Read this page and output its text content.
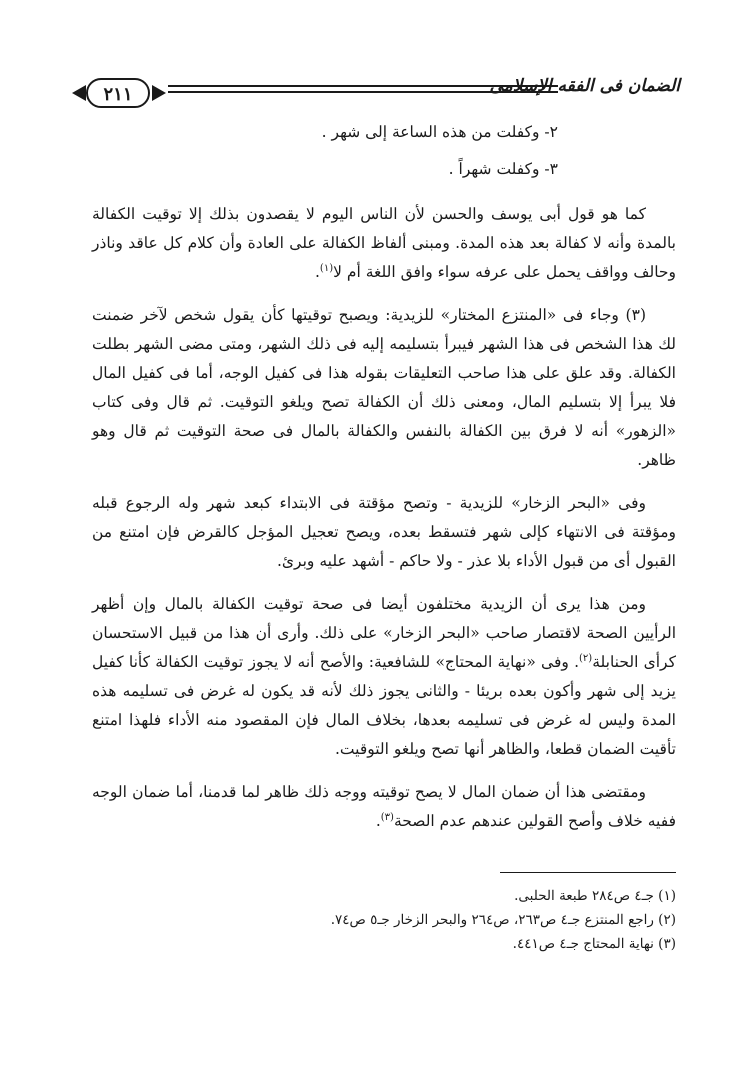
٢١١	الضمان فى الفقه الإسلامى

٢- وكفلت من هذه الساعة إلى شهر .

٣- وكفلت شهراً .

كما هو قول أبى يوسف والحسن لأن الناس اليوم لا يقصدون بذلك إلا توقيت الكفالة بالمدة وأنه لا كفالة بعد هذه المدة. ومبنى ألفاظ الكفالة على العادة وأن كلام كل عاقد وناذر وحالف وواقف يحمل على عرفه سواء وافق اللغة أم لا$^{(١)}$.

(٣) وجاء فى «المنتزع المختار» للزيدية: ويصبح توقيتها كأن يقول شخص لآخر ضمنت لك هذا الشخص فى هذا الشهر فيبرأ بتسليمه إليه فى ذلك الشهر، ومتى مضى الشهر بطلت الكفالة. وقد علق على هذا صاحب التعليقات بقوله هذا فى كفيل الوجه، أما فى كفيل المال فلا يبرأ إلا بتسليم المال، ومعنى ذلك أن الكفالة تصح ويلغو التوقيت. ثم قال وفى كتاب «الزهور» أنه لا فرق بين الكفالة بالنفس والكفالة بالمال فى صحة التوقيت ثم قال وهو ظاهر.

وفى «البحر الزخار» للزيدية - وتصح مؤقتة فى الابتداء كبعد شهر وله الرجوع قبله ومؤقتة فى الانتهاء كإلى شهر فتسقط بعده، ويصح تعجيل المؤجل كالقرض فإن امتنع من القبول أى من قبول الأداء بلا عذر - ولا حاكم - أشهد عليه وبرئ.

ومن هذا يرى أن الزيدية مختلفون أيضا فى صحة توقيت الكفالة بالمال وإن أظهر الرأيين الصحة لاقتصار صاحب «البحر الزخار» على ذلك. وأرى أن هذا من قبيل الاستحسان كرأى الحنابلة$^{(٢)}$. وفى «نهاية المحتاج» للشافعية: والأصح أنه لا يجوز توقيت الكفالة كأنا كفيل يزيد إلى شهر وأكون بعده بريئا - والثانى يجوز ذلك لأنه قد يكون له غرض فى تسليمه هذه المدة وليس له غرض فى تسليمه بعدها، بخلاف المال فإن المقصود منه الأداء فلهذا امتنع تأقيت الضمان قطعا، والظاهر أنها تصح ويلغو التوقيت.

ومقتضى هذا أن ضمان المال لا يصح توقيته ووجه ذلك ظاهر لما قدمنا، أما ضمان الوجه ففيه خلاف وأصح القولين عندهم عدم الصحة$^{(٣)}$.

(١) جـ٤ ص٢٨٤ طبعة الحلبى.
(٢) راجع المنتزع جـ٤ ص٢٦٣، ص٢٦٤ والبحر الزخار جـ٥ ص٧٤.
(٣) نهاية المحتاج جـ٤ ص٤٤١.
